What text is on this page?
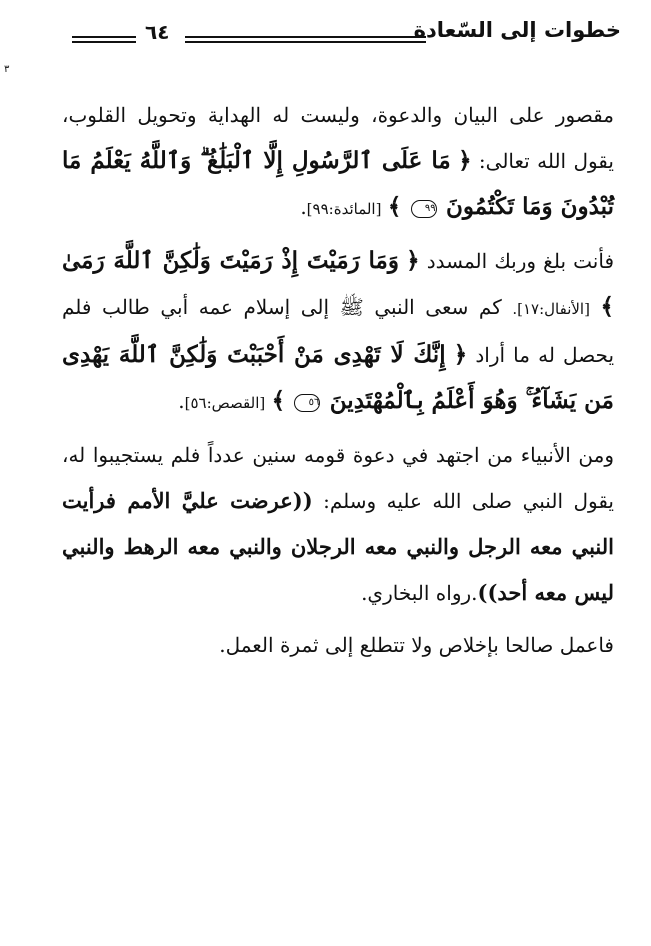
خطوات إلى السّعادة
٦٤
٣

مقصور على البيان والدعوة، وليست له الهداية وتحويل القلوب، يقول الله تعالى: ﴿ مَا عَلَى ٱلرَّسُولِ إِلَّا ٱلْبَلَٰغُ ۗ وَٱللَّهُ يَعْلَمُ مَا تُبْدُونَ وَمَا تَكْتُمُونَ ٩٩ ﴾ [المائدة:٩٩].

فأنت بلغ وربك المسدد ﴿ وَمَا رَمَيْتَ إِذْ رَمَيْتَ وَلَٰكِنَّ ٱللَّهَ رَمَىٰ ﴾ [الأنفال:١٧]. كم سعى النبي ﷺ إلى إسلام عمه أبي طالب فلم يحصل له ما أراد ﴿ إِنَّكَ لَا تَهْدِى مَنْ أَحْبَبْتَ وَلَٰكِنَّ ٱللَّهَ يَهْدِى مَن يَشَآءُ ۚ وَهُوَ أَعْلَمُ بِٱلْمُهْتَدِينَ ٥٦ ﴾ [القصص:٥٦].

ومن الأنبياء من اجتهد في دعوة قومه سنين عدداً فلم يستجيبوا له، يقول النبي صلى الله عليه وسلم: ((عرضت عليَّ الأمم فرأيت النبي معه الرجل والنبي معه الرجلان والنبي معه الرهط والنبي ليس معه أحد)).رواه البخاري.

فاعمل صالحا بإخلاص ولا تتطلع إلى ثمرة العمل.
